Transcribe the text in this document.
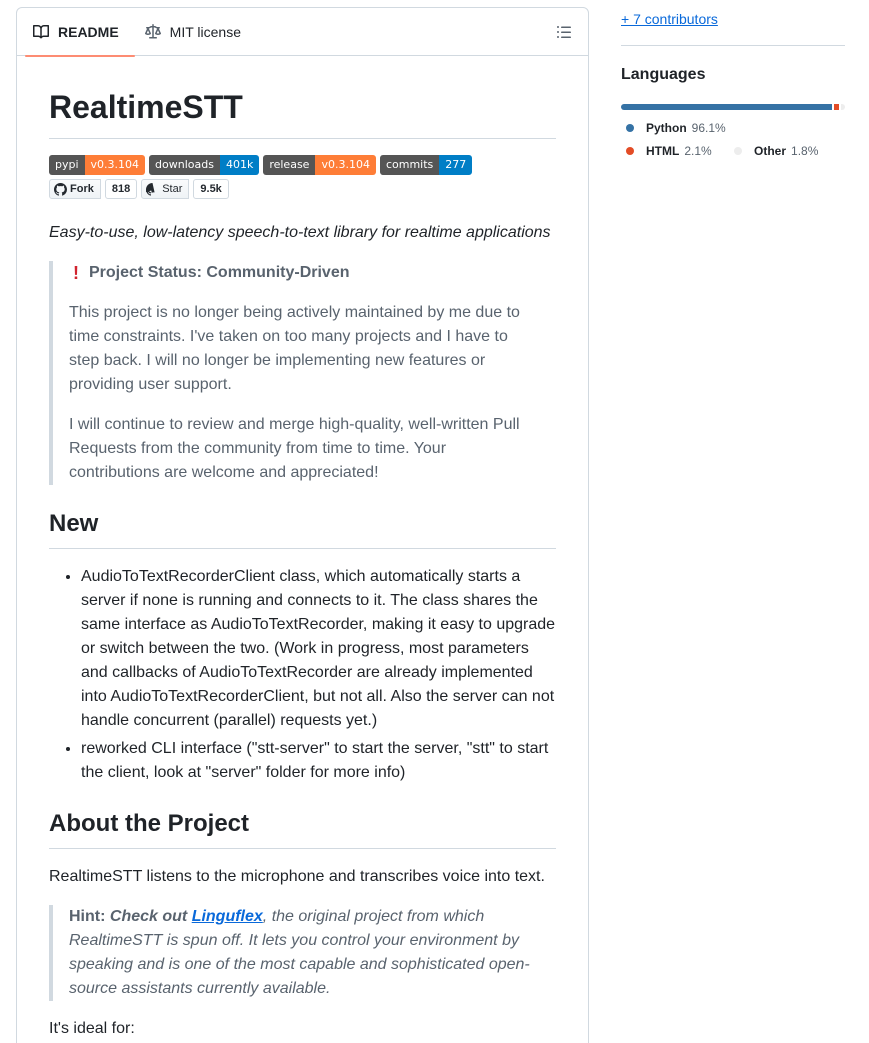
README	MIT license
RealtimeSTT
pypi	v0.3.104	downloads	401k	release	v0.3.104	commits	277
Fork	818	Star	9.5k

Easy-to-use, low-latency speech-to-text library for realtime applications

! Project Status: Community-Driven

This project is no longer being actively maintained by me due to time constraints. I've taken on too many projects and I have to step back. I will no longer be implementing new features or providing user support.

I will continue to review and merge high-quality, well-written Pull Requests from the community from time to time. Your contributions are welcome and appreciated!

New
• AudioToTextRecorderClient class, which automatically starts a server if none is running and connects to it. The class shares the same interface as AudioToTextRecorder, making it easy to upgrade or switch between the two. (Work in progress, most parameters and callbacks of AudioToTextRecorder are already implemented into AudioToTextRecorderClient, but not all. Also the server can not handle concurrent (parallel) requests yet.)
• reworked CLI interface ("stt-server" to start the server, "stt" to start the client, look at "server" folder for more info)
About the Project

RealtimeSTT listens to the microphone and transcribes voice into text.

Hint: Check out Linguflex, the original project from which RealtimeSTT is spun off. It lets you control your environment by speaking and is one of the most capable and sophisticated open-source assistants currently available.

It's ideal for:

+ 7 contributors
Languages
Python 96.1%
HTML 2.1%	Other 1.8%
